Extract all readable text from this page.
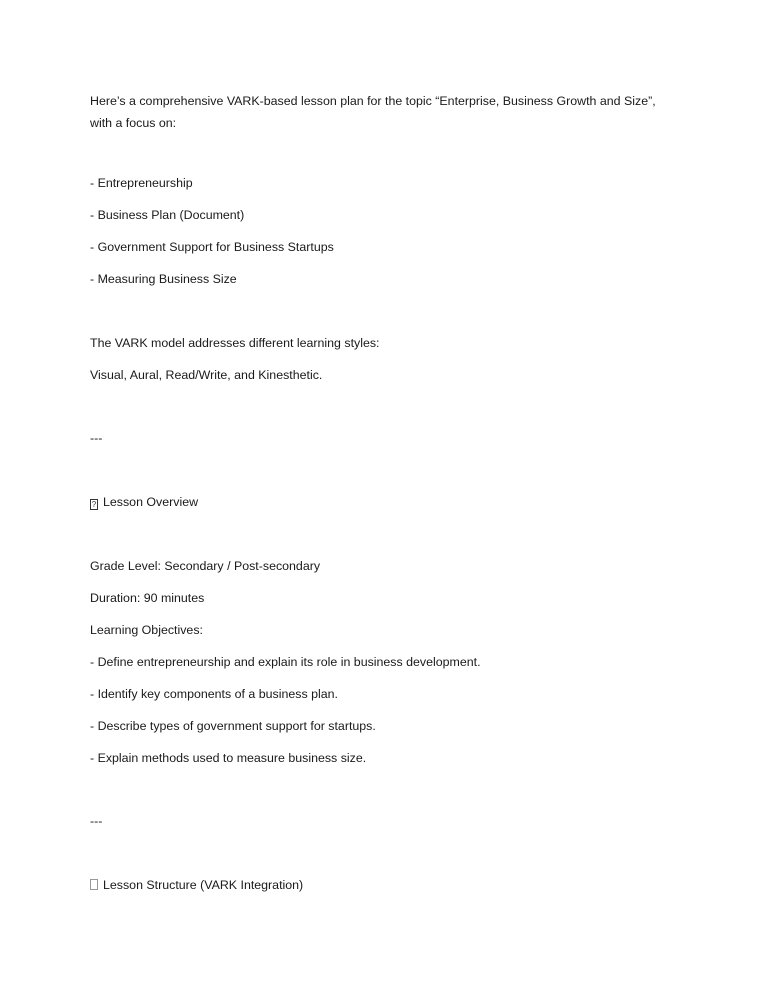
Here’s a comprehensive VARK-based lesson plan for the topic “Enterprise, Business Growth and Size”,
with a focus on:
- Entrepreneurship
- Business Plan (Document)
- Government Support for Business Startups
- Measuring Business Size
The VARK model addresses different learning styles:
Visual, Aural, Read/Write, and Kinesthetic.
---
? Lesson Overview
Grade Level: Secondary / Post-secondary
Duration: 90 minutes
Learning Objectives:
- Define entrepreneurship and explain its role in business development.
- Identify key components of a business plan.
- Describe types of government support for startups.
- Explain methods used to measure business size.
---
Lesson Structure (VARK Integration)
